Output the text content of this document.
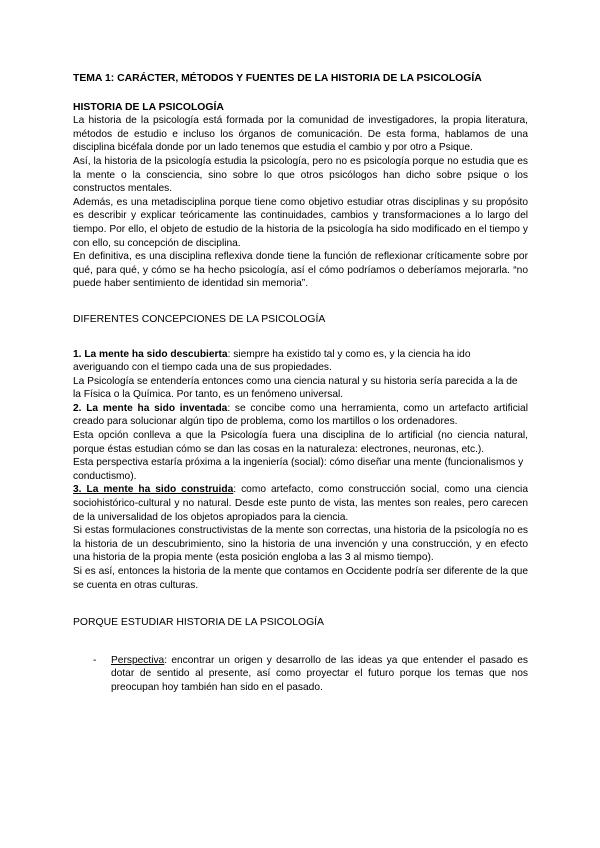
TEMA 1: CARÁCTER, MÉTODOS Y FUENTES DE LA HISTORIA DE LA PSICOLOGÍA

HISTORIA DE LA PSICOLOGÍA

La historia de la psicología está formada por la comunidad de investigadores, la propia literatura, métodos de estudio e incluso los órganos de comunicación. De esta forma, hablamos de una disciplina bicéfala donde por un lado tenemos que estudia el cambio y por otro a Psique.

Así, la historia de la psicología estudia la psicología, pero no es psicología porque no estudia que es la mente o la consciencia, sino sobre lo que otros psicólogos han dicho sobre psique o los constructos mentales.

Además, es una metadisciplina porque tiene como objetivo estudiar otras disciplinas y su propósito es describir y explicar teóricamente las continuidades, cambios y transformaciones a lo largo del tiempo. Por ello, el objeto de estudio de la historia de la psicología ha sido modificado en el tiempo y con ello, su concepción de disciplina.

En definitiva, es una disciplina reflexiva donde tiene la función de reflexionar críticamente sobre por qué, para qué, y cómo se ha hecho psicología, así el cómo podríamos o deberíamos mejorarla. “no puede haber sentimiento de identidad sin memoria”.

DIFERENTES CONCEPCIONES DE LA PSICOLOGÍA

1. La mente ha sido descubierta: siempre ha existido tal y como es, y la ciencia ha ido averiguando con el tiempo cada una de sus propiedades.

La Psicología se entendería entonces como una ciencia natural y su historia sería parecida a la de la Física o la Química. Por tanto, es un fenómeno universal.

2. La mente ha sido inventada: se concibe como una herramienta, como un artefacto artificial creado para solucionar algún tipo de problema, como los martillos o los ordenadores.

Esta opción conlleva a que la Psicología fuera una disciplina de lo artificial (no ciencia natural, porque éstas estudian cómo se dan las cosas en la naturaleza: electrones, neuronas, etc.).

Esta perspectiva estaría próxima a la ingeniería (social): cómo diseñar una mente (funcionalismos y conductismo).

3. La mente ha sido construida: como artefacto, como construcción social, como una ciencia sociohistórico-cultural y no natural. Desde este punto de vista, las mentes son reales, pero carecen de la universalidad de los objetos apropiados para la ciencia.

Si estas formulaciones constructivistas de la mente son correctas, una historia de la psicología no es la historia de un descubrimiento, sino la historia de una invención y una construcción, y en efecto una historia de la propia mente (esta posición engloba a las 3 al mismo tiempo).

Si es así, entonces la historia de la mente que contamos en Occidente podría ser diferente de la que se cuenta en otras culturas.

PORQUE ESTUDIAR HISTORIA DE LA PSICOLOGÍA

-	Perspectiva: encontrar un origen y desarrollo de las ideas ya que entender el pasado es dotar de sentido al presente, así como proyectar el futuro porque los temas que nos preocupan hoy también han sido en el pasado.
